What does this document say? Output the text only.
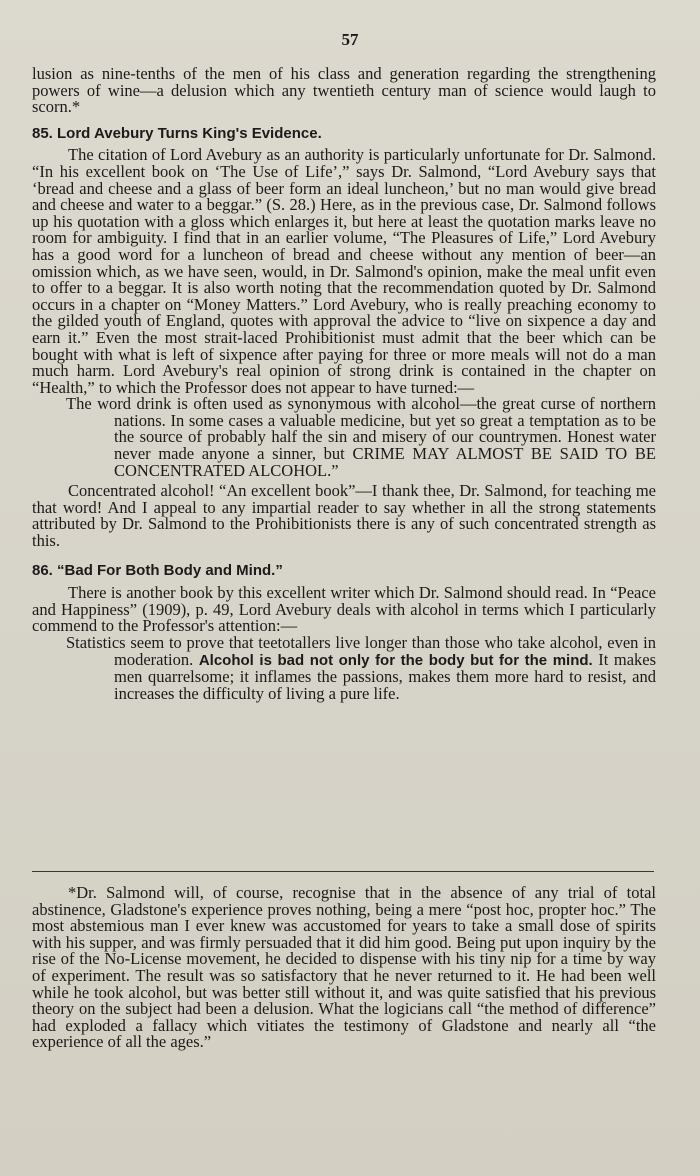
57

lusion as nine-tenths of the men of his class and generation regarding the strengthening powers of wine—a delusion which any twentieth century man of science would laugh to scorn.*

85. Lord Avebury Turns King's Evidence.

The citation of Lord Avebury as an authority is particularly unfortunate for Dr. Salmond. “In his excellent book on ‘The Use of Life’,” says Dr. Salmond, “Lord Avebury says that ‘bread and cheese and a glass of beer form an ideal luncheon,’ but no man would give bread and cheese and water to a beggar.” (S. 28.) Here, as in the previous case, Dr. Salmond follows up his quotation with a gloss which enlarges it, but here at least the quotation marks leave no room for ambiguity. I find that in an earlier volume, “The Pleasures of Life,” Lord Avebury has a good word for a luncheon of bread and cheese without any mention of beer—an omission which, as we have seen, would, in Dr. Salmond's opinion, make the meal unfit even to offer to a beggar. It is also worth noting that the recommendation quoted by Dr. Salmond occurs in a chapter on “Money Matters.” Lord Avebury, who is really preaching economy to the gilded youth of England, quotes with approval the advice to “live on sixpence a day and earn it.” Even the most strait-laced Prohibitionist must admit that the beer which can be bought with what is left of sixpence after paying for three or more meals will not do a man much harm. Lord Avebury's real opinion of strong drink is contained in the chapter on “Health,” to which the Professor does not appear to have turned:—

The word drink is often used as synonymous with alcohol—the great curse of northern nations. In some cases a valuable medicine, but yet so great a temptation as to be the source of probably half the sin and misery of our countrymen. Honest water never made anyone a sinner, but CRIME MAY ALMOST BE SAID TO BE CONCENTRATED ALCOHOL.”

Concentrated alcohol! “An excellent book”—I thank thee, Dr. Salmond, for teaching me that word! And I appeal to any impartial reader to say whether in all the strong statements attributed by Dr. Salmond to the Prohibitionists there is any of such concentrated strength as this.

86. “Bad For Both Body and Mind.”

There is another book by this excellent writer which Dr. Salmond should read. In “Peace and Happiness” (1909), p. 49, Lord Avebury deals with alcohol in terms which I particularly commend to the Professor's attention:—

Statistics seem to prove that teetotallers live longer than those who take alcohol, even in moderation. Alcohol is bad not only for the body but for the mind. It makes men quarrelsome; it inflames the passions, makes them more hard to resist, and increases the difficulty of living a pure life.

*Dr. Salmond will, of course, recognise that in the absence of any trial of total abstinence, Gladstone's experience proves nothing, being a mere “post hoc, propter hoc.” The most abstemious man I ever knew was accustomed for years to take a small dose of spirits with his supper, and was firmly persuaded that it did him good. Being put upon inquiry by the rise of the No-License movement, he decided to dispense with his tiny nip for a time by way of experiment. The result was so satisfactory that he never returned to it. He had been well while he took alcohol, but was better still without it, and was quite satisfied that his previous theory on the subject had been a delusion. What the logicians call “the method of difference” had exploded a fallacy which vitiates the testimony of Gladstone and nearly all “the experience of all the ages.”
